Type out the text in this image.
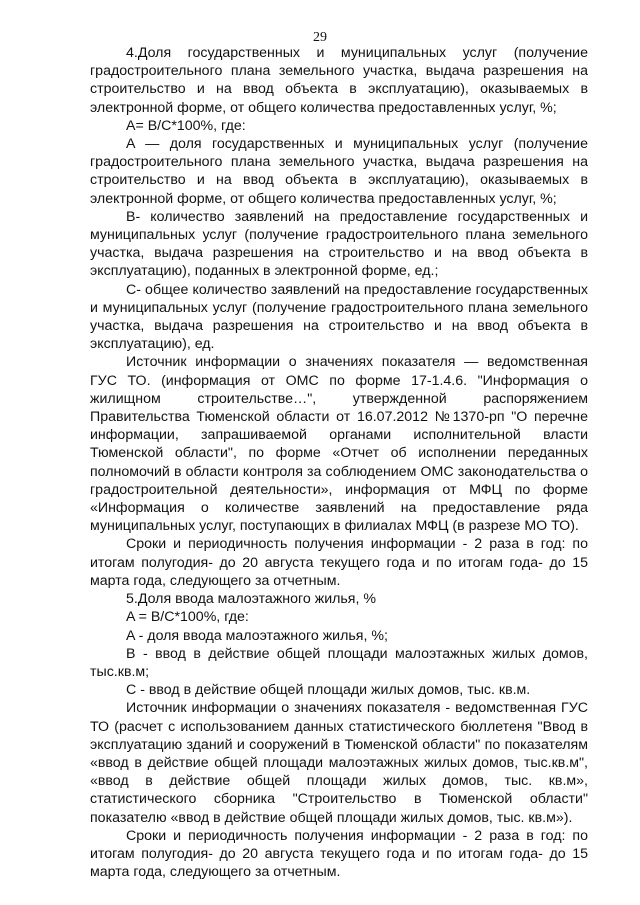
29

4.Доля государственных и муниципальных услуг (получение градостроительного плана земельного участка, выдача разрешения на строительство и на ввод объекта в эксплуатацию), оказываемых в электронной форме, от общего количества предоставленных услуг, %;

A= B/C*100%, где:

A — доля государственных и муниципальных услуг (получение градостроительного плана земельного участка, выдача разрешения на строительство и на ввод объекта в эксплуатацию), оказываемых в электронной форме, от общего количества предоставленных услуг, %;

B- количество заявлений на предоставление государственных и муниципальных услуг (получение градостроительного плана земельного участка, выдача разрешения на строительство и на ввод объекта в эксплуатацию), поданных в электронной форме, ед.;

C- общее количество заявлений на предоставление государственных и муниципальных услуг (получение градостроительного плана земельного участка, выдача разрешения на строительство и на ввод объекта в эксплуатацию), ед.

Источник информации о значениях показателя — ведомственная ГУС ТО. (информация от ОМС по форме 17-1.4.6. "Информация о жилищном строительстве…", утвержденной распоряжением Правительства Тюменской области от 16.07.2012 №1370-рп "О перечне информации, запрашиваемой органами исполнительной власти Тюменской области", по форме «Отчет об исполнении переданных полномочий в области контроля за соблюдением ОМС законодательства о градостроительной деятельности», информация от МФЦ по форме «Информация о количестве заявлений на предоставление ряда муниципальных услуг, поступающих в филиалах МФЦ (в разрезе МО ТО).

Сроки и периодичность получения информации - 2 раза в год: по итогам полугодия- до 20 августа текущего года и по итогам года- до 15 марта года, следующего за отчетным.

5.Доля ввода малоэтажного жилья, %

A = B/C*100%, где:

A - доля ввода малоэтажного жилья, %;

B - ввод в действие общей площади малоэтажных жилых домов, тыс.кв.м;

C - ввод в действие общей площади жилых домов, тыс. кв.м.

Источник информации о значениях показателя - ведомственная ГУС ТО (расчет с использованием данных статистического бюллетеня "Ввод в эксплуатацию зданий и сооружений в Тюменской области" по показателям «ввод в действие общей площади малоэтажных жилых домов, тыс.кв.м", «ввод в действие общей площади жилых домов, тыс. кв.м», статистического сборника "Строительство в Тюменской области" показателю «ввод в действие общей площади жилых домов, тыс. кв.м»).

Сроки и периодичность получения информации - 2 раза в год: по итогам полугодия- до 20 августа текущего года и по итогам года- до 15 марта года, следующего за отчетным.
